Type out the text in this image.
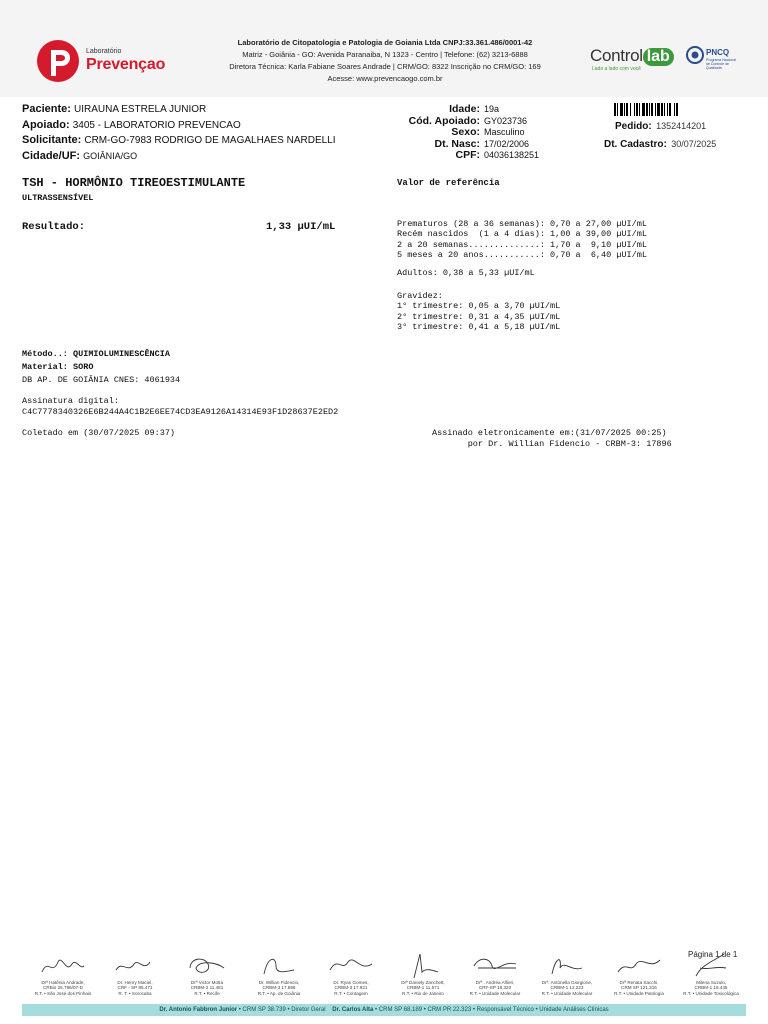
Laboratório
Prevençao
Laboratório de Citopatologia e Patologia de Goiania Ltda CNPJ:33.361.486/0001-42
Matriz - Goiânia - GO: Avenida Paranaiba, N 1323 - Centro | Telefone: (62) 3213-6888
Diretora Técnica: Karla Fabiane Soares Andrade | CRM/GO: 8322 Inscrição no CRM/GO: 169
Acesse: www.prevencaogo.com.br
Control lab
Lado a lado com você
PNCQ
Programa Nacional de Controle de Qualidade
Paciente: UIRAUNA ESTRELA JUNIOR
Apoiado: 3405 - LABORATORIO PREVENCAO
Solicitante: CRM-GO-7983 RODRIGO DE MAGALHAES NARDELLI
Cidade/UF: GOIÂNIA/GO
Idade: 19a
Cód. Apoiado: GY023736
Sexo: Masculino
Dt. Nasc: 17/02/2006
CPF: 04036138251
Pedido: 1352414201
Dt. Cadastro: 30/07/2025
TSH - HORMÔNIO TIREOESTIMULANTE
ULTRASSENSÍVEL
Valor de referência
Resultado:	1,33 µUI/mL	Prematuros (28 a 36 semanas): 0,70 a 27,00 µUI/mL
Recém nascidos  (1 a 4 dias): 1,00 a 39,00 µUI/mL
2 a 20 semanas..............: 1,70 a  9,10 µUI/mL
5 meses a 20 anos...........: 0,70 a  6,40 µUI/mL
Adultos: 0,38 a 5,33 µUI/mL
Gravidez:
1° trimestre: 0,05 a 3,70 µUI/mL
2° trimestre: 0,31 a 4,35 µUI/mL
3° trimestre: 0,41 a 5,18 µUI/mL
Método..: QUIMIOLUMINESCÊNCIA
Material: SORO
DB AP. DE GOIÂNIA CNES: 4061934
Assinatura digital:
C4C7778340326E6B244A4C1B2E6EE74CD3EA9126A14314E93F1D28637E2ED2
Coletado em (30/07/2025 09:37)	Assinado eletronicamente em:(31/07/2025 00:25)
por Dr. Willian Fidencio - CRBM-3: 17896
Página 1 de 1
Drª Hatênia Andrade,
CRBio 25.796/07-D
R.T. • São José dos Pinhais
Dr. Henry Maciel,
CRF - SP 85.471
R. T. • Sorocaba
Drª Victor Motta
CRBM-2 11.481
R.T. • Recife
Dr. Willian Fidencio,
CRBM-3 17.896
R.T. • Ap. de Goiânia
Dr. Ryan Gomes,
CRBM-3 17.921
R.T. • Contagem
Drª Daniely Zanchett,
CRBM-1 11.571
R.T. • Rio de Janeiro
Drª . Andréa Alfieri,
CRF-SP 18.320
R.T. • Unidade Molecular
Drª. Antonella Giorgione,
CRBM-1 12.223
R.T. • Unidade Molecular
Drª Renata Sacchi,
CRM SP 121.316
R.T. • Unidade Patologia
Milena Suzuki,
CRBM-1 18.445
R.T. • Unidade Toxicológica
Dr. Antonio Fabbron Junior • CRM SP 38.739 • Diretor Geral Dr. Carlos Alta • CRM SP 68.189 • CRM PR 22.323 • Responsável Técnico • Unidade Análises Clínicas
